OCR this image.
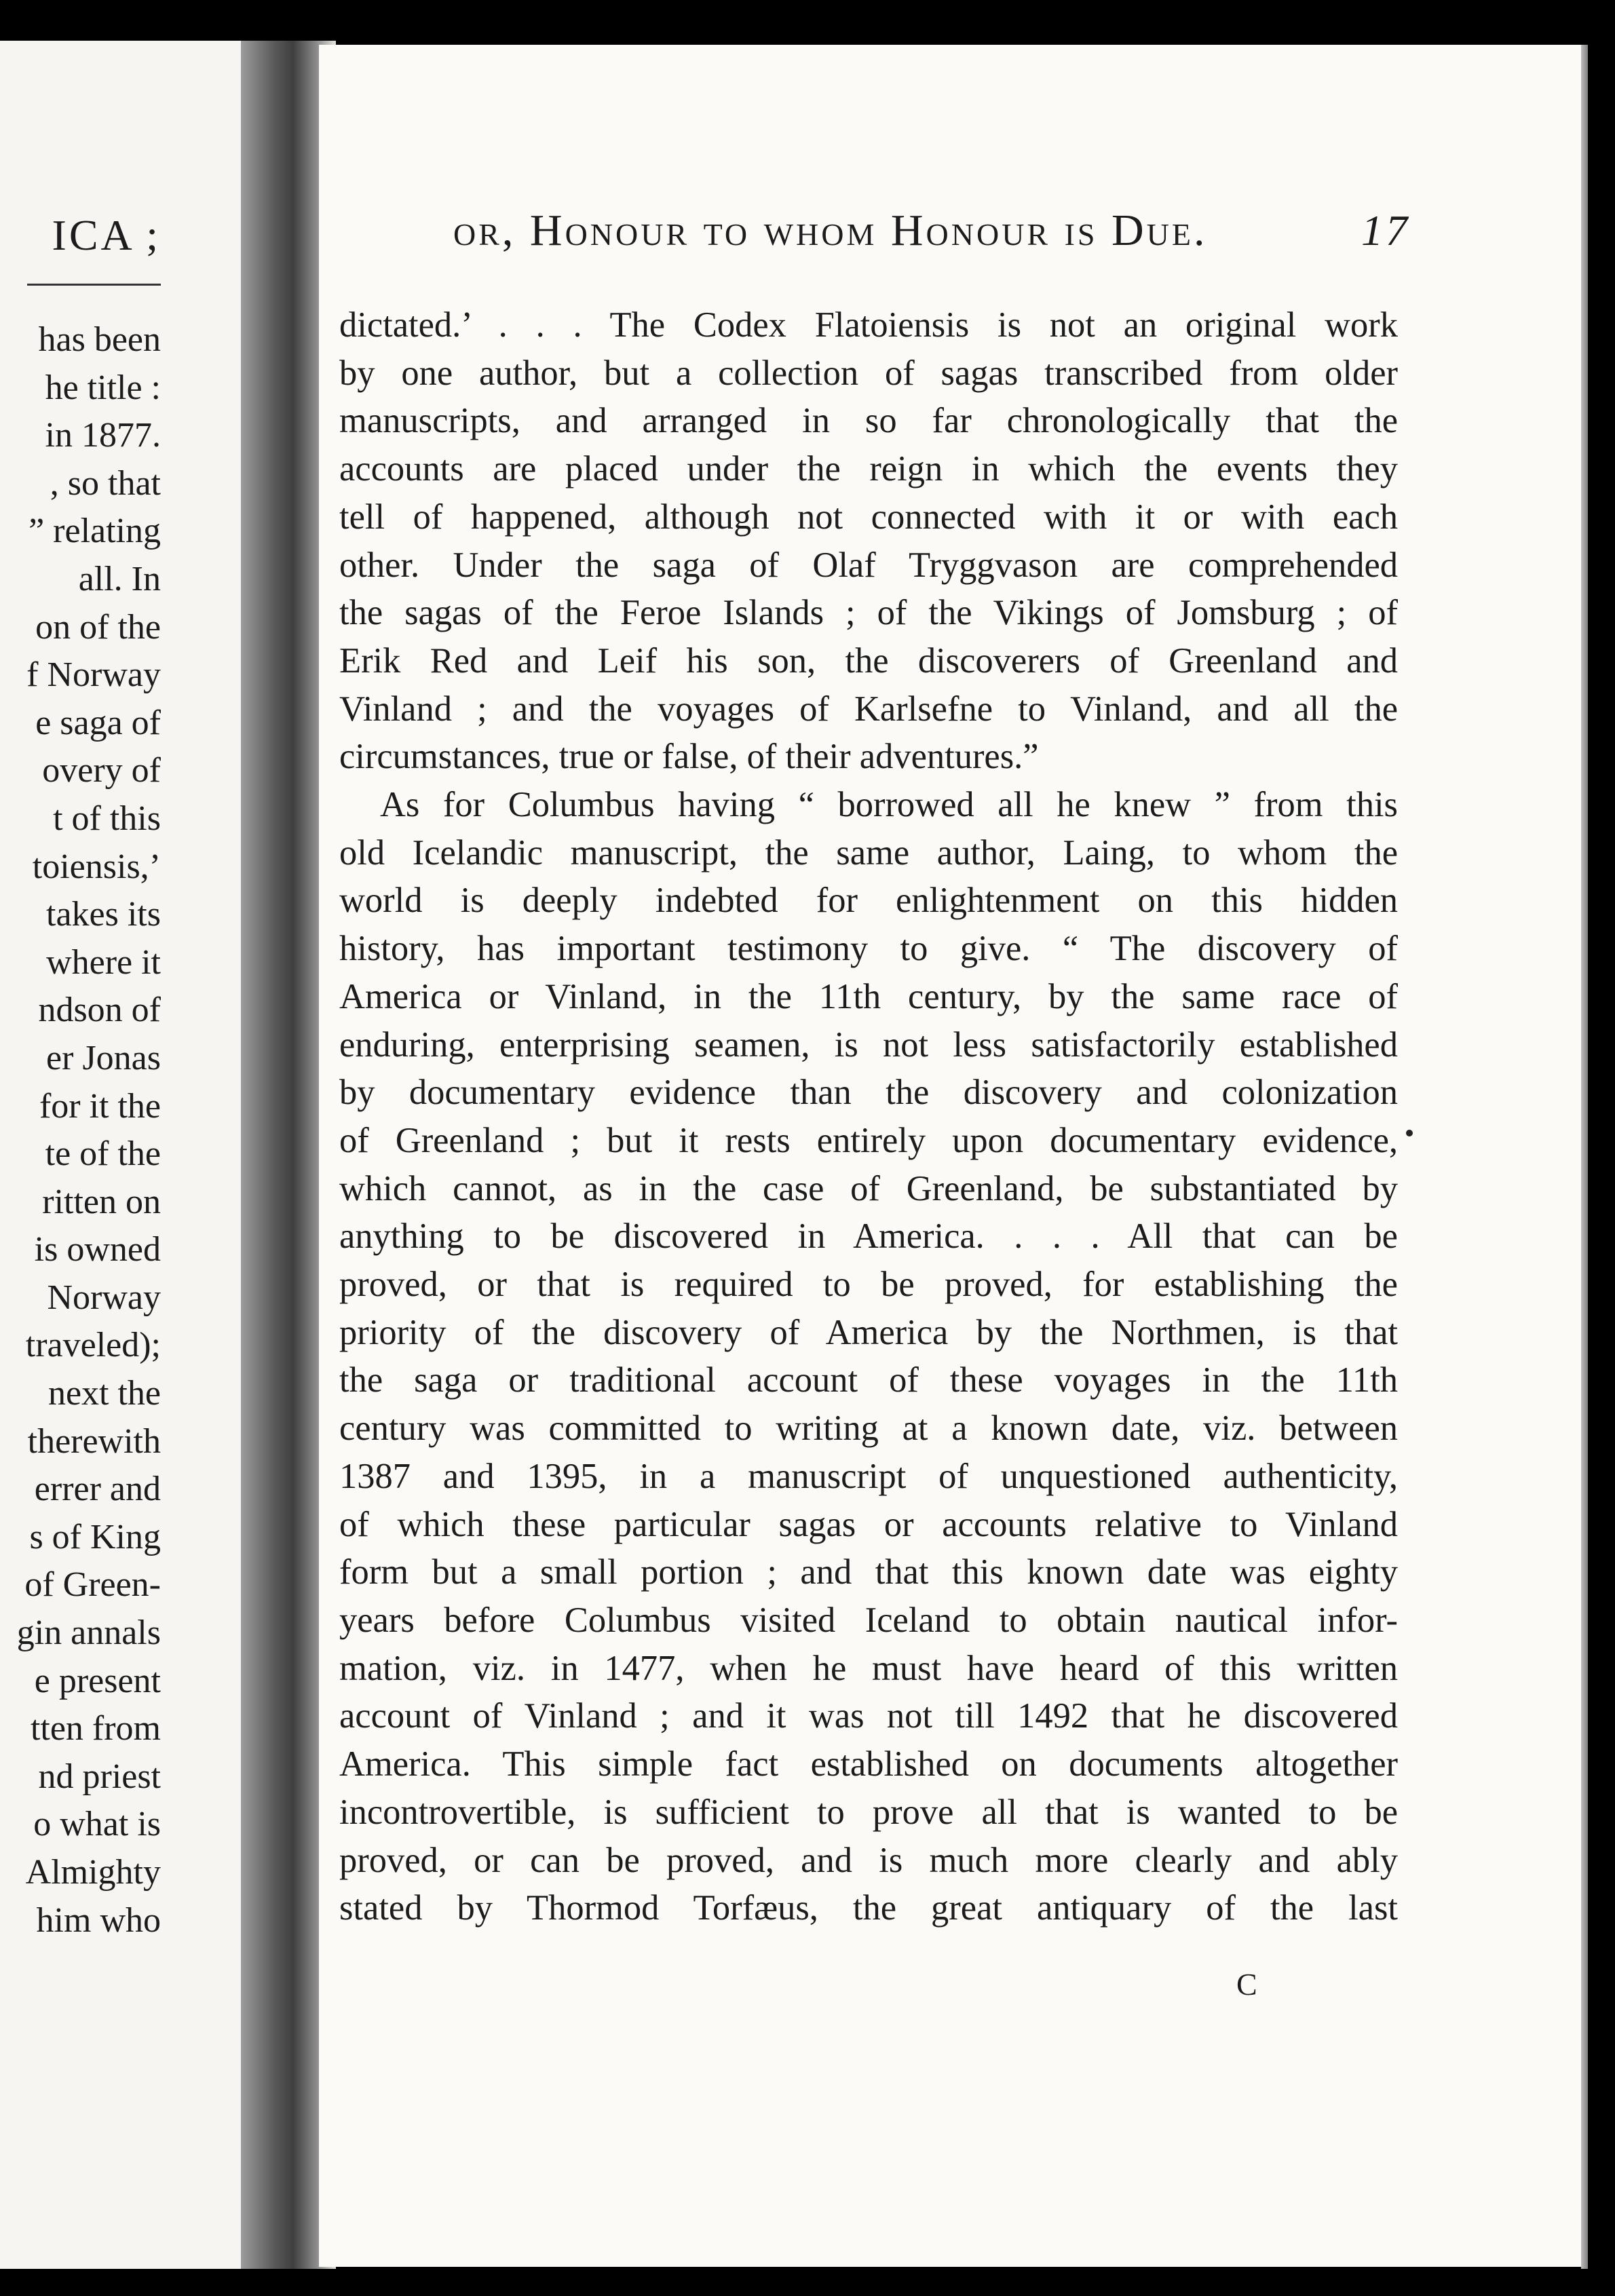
ICA ;
has been
he title :
in 1877.
, so that
” relating
all. In
on of the
f Norway
e saga of
overy of
t of this
toiensis,’
takes its
where it
ndson of
er Jonas
for it the
te of the
ritten on
is owned
Norway
traveled);
next the
therewith
errer and
s of King
of Green-
gin annals
e present
tten from
nd priest
o what is
Almighty
him who
or, Honour to whom Honour is Due.	17
dictated.’ . . . The Codex Flatoiensis is not an original work
by one author, but a collection of sagas transcribed from older
manuscripts, and arranged in so far chronologically that the
accounts are placed under the reign in which the events they
tell of happened, although not connected with it or with each
other. Under the saga of Olaf Tryggvason are comprehended
the sagas of the Feroe Islands ; of the Vikings of Jomsburg ; of
Erik Red and Leif his son, the discoverers of Greenland and
Vinland ; and the voyages of Karlsefne to Vinland, and all the
circumstances, true or false, of their adventures.”
As for Columbus having “ borrowed all he knew ” from this
old Icelandic manuscript, the same author, Laing, to whom the
world is deeply indebted for enlightenment on this hidden
history, has important testimony to give. “ The discovery of
America or Vinland, in the 11th century, by the same race of
enduring, enterprising seamen, is not less satisfactorily established
by documentary evidence than the discovery and colonization
of Greenland ; but it rests entirely upon documentary evidence,
which cannot, as in the case of Greenland, be substantiated by
anything to be discovered in America. . . . All that can be
proved, or that is required to be proved, for establishing the
priority of the discovery of America by the Northmen, is that
the saga or traditional account of these voyages in the 11th
century was committed to writing at a known date, viz. between
1387 and 1395, in a manuscript of unquestioned authenticity,
of which these particular sagas or accounts relative to Vinland
form but a small portion ; and that this known date was eighty
years before Columbus visited Iceland to obtain nautical infor-
mation, viz. in 1477, when he must have heard of this written
account of Vinland ; and it was not till 1492 that he discovered
America. This simple fact established on documents altogether
incontrovertible, is sufficient to prove all that is wanted to be
proved, or can be proved, and is much more clearly and ably
stated by Thormod Torfæus, the great antiquary of the last
C
